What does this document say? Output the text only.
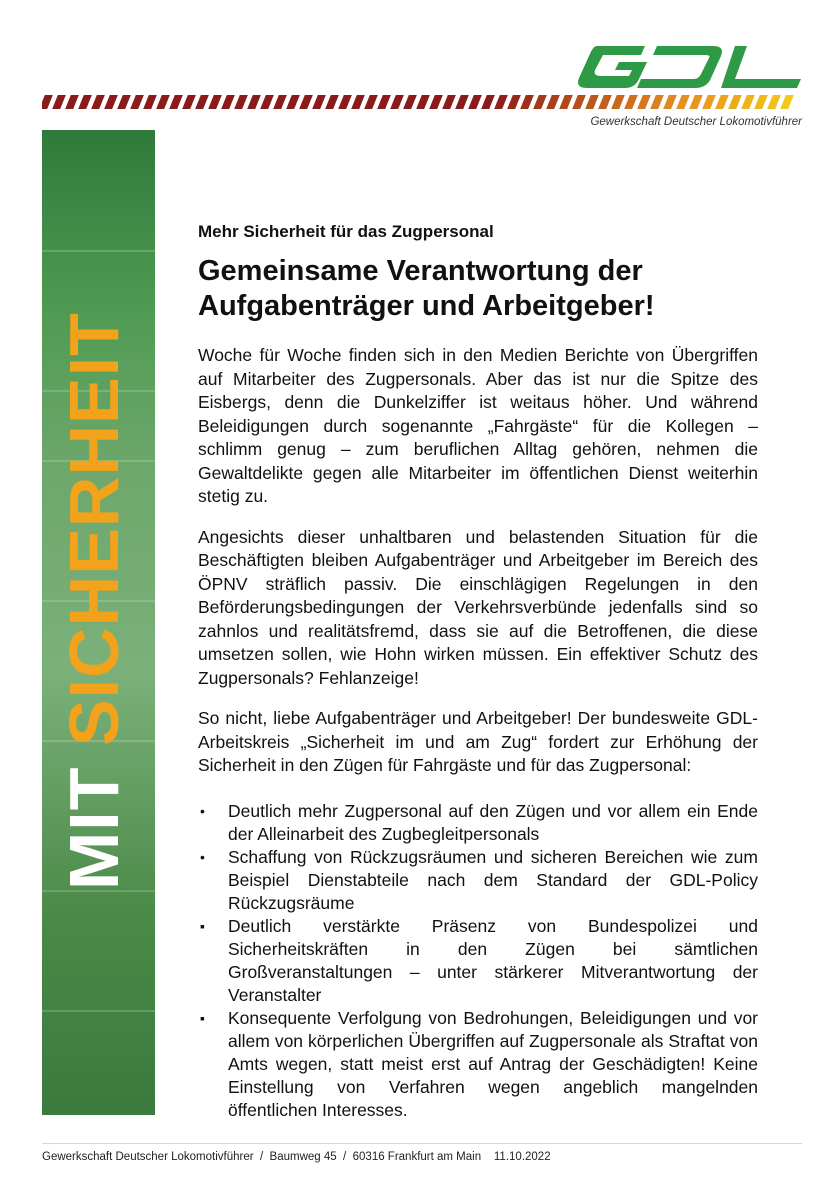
Gewerkschaft Deutscher Lokomotivführer
MIT SICHERHEIT
Mehr Sicherheit für das Zugpersonal
Gemeinsame Verantwortung der
Aufgabenträger und Arbeitgeber!

Woche für Woche finden sich in den Medien Berichte von Übergriffen auf Mitarbeiter des Zugpersonals. Aber das ist nur die Spitze des Eisbergs, denn die Dunkelziffer ist weitaus höher. Und während Beleidigungen durch sogenannte „Fahrgäste“ für die Kollegen – schlimm genug – zum beruflichen Alltag gehören, nehmen die Gewaltdelikte gegen alle Mitarbeiter im öffentlichen Dienst weiterhin stetig zu.

Angesichts dieser unhaltbaren und belastenden Situation für die Beschäftigten bleiben Aufgabenträger und Arbeitgeber im Bereich des ÖPNV sträflich passiv. Die einschlägigen Regelungen in den Beförderungsbedingungen der Verkehrsverbünde jedenfalls sind so zahnlos und realitätsfremd, dass sie auf die Betroffenen, die diese umsetzen sollen, wie Hohn wirken müssen. Ein effektiver Schutz des Zugpersonals? Fehlanzeige!

So nicht, liebe Aufgabenträger und Arbeitgeber! Der bundesweite GDL-Arbeitskreis „Sicherheit im und am Zug“ fordert zur Erhöhung der Sicherheit in den Zügen für Fahrgäste und für das Zugpersonal:

• Deutlich mehr Zugpersonal auf den Zügen und vor allem ein Ende der Alleinarbeit des Zugbegleitpersonals
• Schaffung von Rückzugsräumen und sicheren Bereichen wie zum Beispiel Dienstabteile nach dem Standard der GDL-Policy Rückzugsräume
▪ Deutlich verstärkte Präsenz von Bundespolizei und Sicherheitskräften in den Zügen bei sämtlichen Großveranstaltungen – unter stärkerer Mitverantwortung der Veranstalter
▪ Konsequente Verfolgung von Bedrohungen, Beleidigungen und vor allem von körperlichen Übergriffen auf Zugpersonale als Straftat von Amts wegen, statt meist erst auf Antrag der Geschädigten! Keine Einstellung von Verfahren wegen angeblich mangelnden öffentlichen Interesses.
Gewerkschaft Deutscher Lokomotivführer  /  Baumweg 45  /  60316 Frankfurt am Main    11.10.2022
